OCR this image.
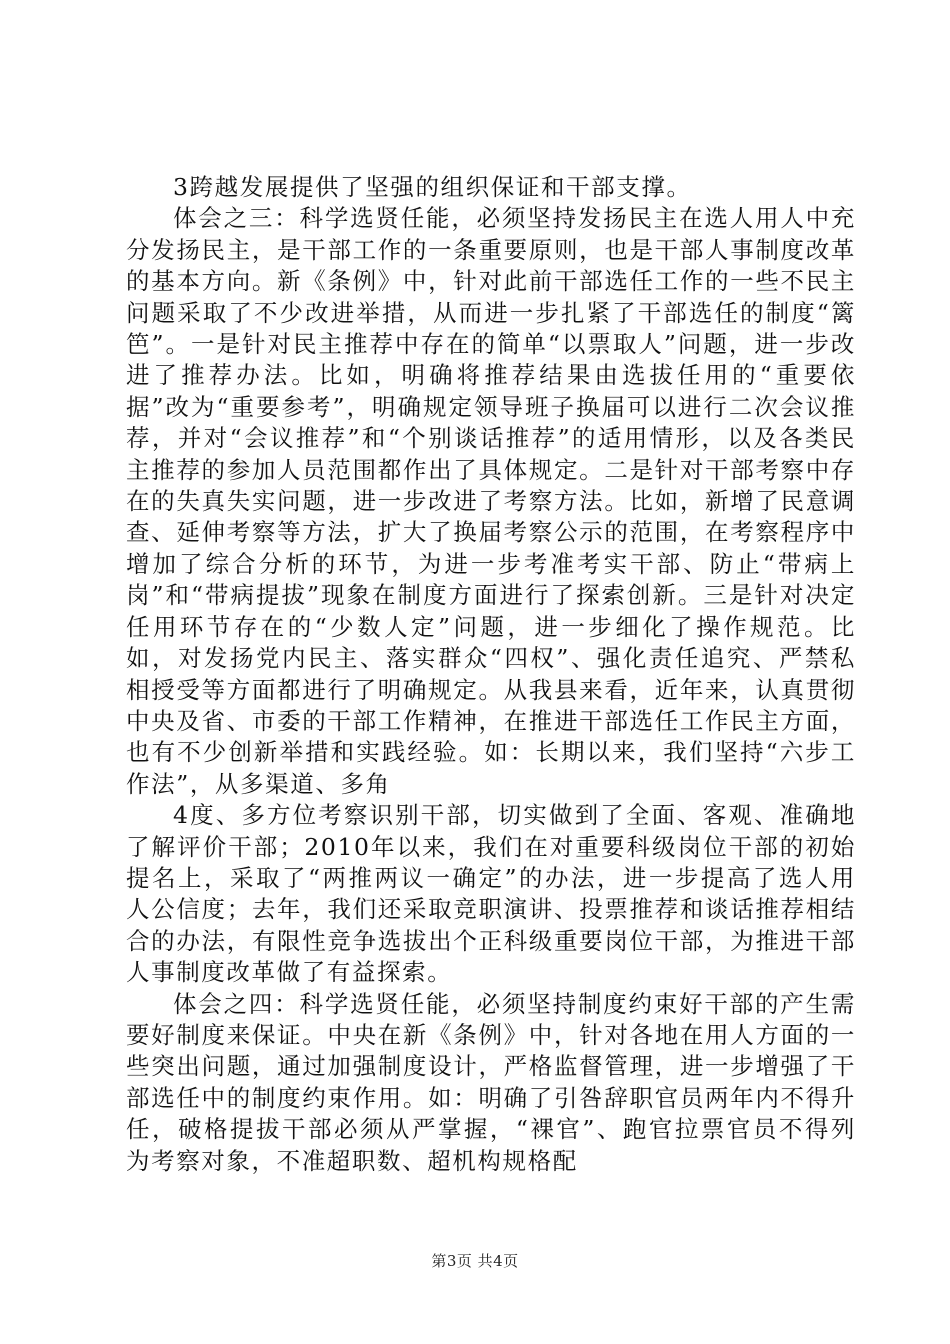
3跨越发展提供了坚强的组织保证和干部支撑。

体会之三：科学选贤任能，必须坚持发扬民主在选人用人中充分发扬民主，是干部工作的一条重要原则，也是干部人事制度改革的基本方向。新《条例》中，针对此前干部选任工作的一些不民主问题采取了不少改进举措，从而进一步扎紧了干部选任的制度“篱笆”。一是针对民主推荐中存在的简单“以票取人”问题，进一步改进了推荐办法。比如，明确将推荐结果由选拔任用的“重要依据”改为“重要参考”，明确规定领导班子换届可以进行二次会议推荐，并对“会议推荐”和“个别谈话推荐”的适用情形，以及各类民主推荐的参加人员范围都作出了具体规定。二是针对干部考察中存在的失真失实问题，进一步改进了考察方法。比如，新增了民意调查、延伸考察等方法，扩大了换届考察公示的范围，在考察程序中增加了综合分析的环节，为进一步考准考实干部、防止“带病上岗”和“带病提拔”现象在制度方面进行了探索创新。三是针对决定任用环节存在的“少数人定”问题，进一步细化了操作规范。比如，对发扬党内民主、落实群众“四权”、强化责任追究、严禁私相授受等方面都进行了明确规定。从我县来看，近年来，认真贯彻中央及省、市委的干部工作精神，在推进干部选任工作民主方面，也有不少创新举措和实践经验。如：长期以来，我们坚持“六步工作法”，从多渠道、多角

4度、多方位考察识别干部，切实做到了全面、客观、准确地了解评价干部；2010年以来，我们在对重要科级岗位干部的初始提名上，采取了“两推两议一确定”的办法，进一步提高了选人用人公信度；去年，我们还采取竞职演讲、投票推荐和谈话推荐相结合的办法，有限性竞争选拔出个正科级重要岗位干部，为推进干部人事制度改革做了有益探索。

体会之四：科学选贤任能，必须坚持制度约束好干部的产生需要好制度来保证。中央在新《条例》中，针对各地在用人方面的一些突出问题，通过加强制度设计，严格监督管理，进一步增强了干部选任中的制度约束作用。如：明确了引咎辞职官员两年内不得升任，破格提拔干部必须从严掌握，“裸官”、跑官拉票官员不得列为考察对象，不准超职数、超机构规格配

第3页 共4页
